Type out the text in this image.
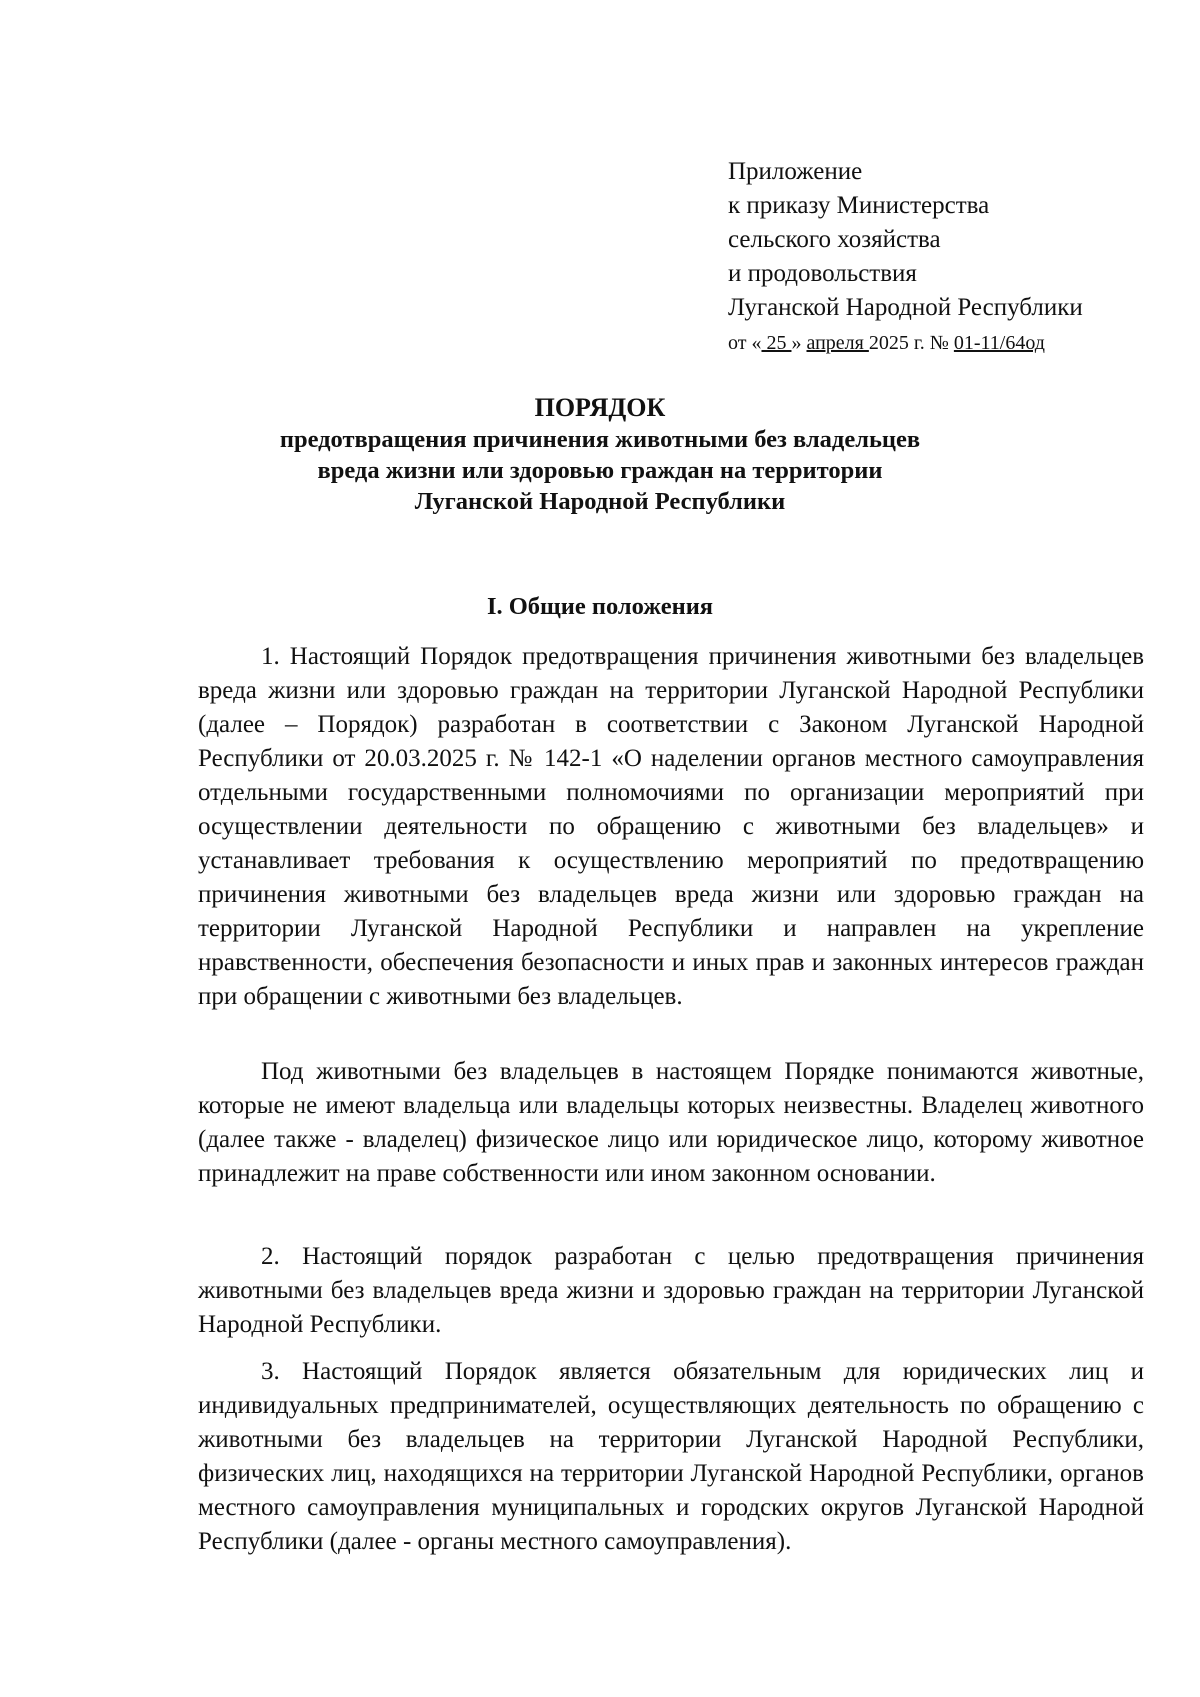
Приложение
к приказу Министерства
сельского хозяйства
и продовольствия
Луганской Народной Республики
от « 25 » апреля 2025 г. № 01-11/64од
ПОРЯДОК
предотвращения причинения животными без владельцев
вреда жизни или здоровью граждан на территории
Луганской Народной Республики
I. Общие положения

1. Настоящий Порядок предотвращения причинения животными без владельцев вреда жизни или здоровью граждан на территории Луганской Народной Республики (далее – Порядок) разработан в соответствии с Законом Луганской Народной Республики от 20.03.2025 г. № 142-1 «О наделении органов местного самоуправления отдельными государственными полномочиями по организации мероприятий при осуществлении деятельности по обращению с животными без владельцев» и устанавливает требования к осуществлению мероприятий по предотвращению причинения животными без владельцев вреда жизни или здоровью граждан на территории Луганской Народной Республики и направлен на укрепление нравственности, обеспечения безопасности и иных прав и законных интересов граждан при обращении с животными без владельцев.

Под животными без владельцев в настоящем Порядке понимаются животные, которые не имеют владельца или владельцы которых неизвестны. Владелец животного (далее также - владелец) физическое лицо или юридическое лицо, которому животное принадлежит на праве собственности или ином законном основании.

2. Настоящий порядок разработан с целью предотвращения причинения животными без владельцев вреда жизни и здоровью граждан на территории Луганской Народной Республики.

3. Настоящий Порядок является обязательным для юридических лиц и индивидуальных предпринимателей, осуществляющих деятельность по обращению с животными без владельцев на территории Луганской Народной Республики, физических лиц, находящихся на территории Луганской Народной Республики, органов местного самоуправления муниципальных и городских округов Луганской Народной Республики (далее - органы местного самоуправления).
